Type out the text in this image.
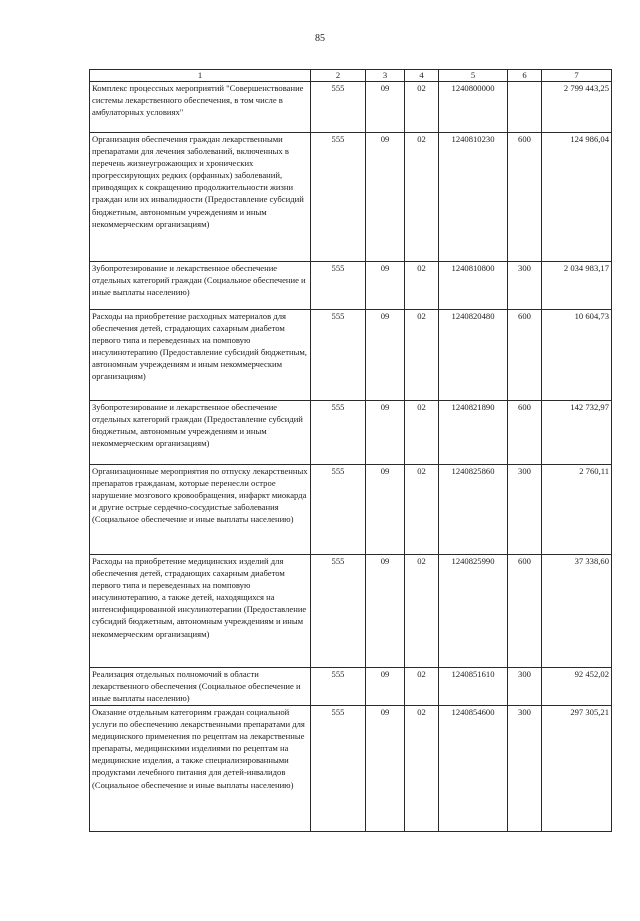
85
1	2	3	4	5	6	7
Комплекс процессных мероприятий "Совершенствование системы лекарственного обеспечения, в том числе в амбулаторных условиях"	555	09	02	1240800000		2 799 443,25
Организация обеспечения граждан лекарственными препаратами для лечения заболеваний, включенных в перечень жизнеугрожающих и хронических прогрессирующих редких (орфанных) заболеваний, приводящих к сокращению продолжительности жизни граждан или их инвалидности (Предоставление субсидий бюджетным, автономным учреждениям и иным некоммерческим организациям)	555	09	02	1240810230	600	124 986,04
Зубопротезирование и лекарственное обеспечение отдельных категорий граждан (Социальное обеспечение и иные выплаты населению)	555	09	02	1240810800	300	2 034 983,17
Расходы на приобретение расходных материалов для обеспечения детей, страдающих сахарным диабетом первого типа и переведенных на помповую инсулинотерапию (Предоставление субсидий бюджетным, автономным учреждениям и иным некоммерческим организациям)	555	09	02	1240820480	600	10 604,73
Зубопротезирование и лекарственное обеспечение отдельных категорий граждан (Предоставление субсидий бюджетным, автономным учреждениям и иным некоммерческим организациям)	555	09	02	1240821890	600	142 732,97
Организационные мероприятия по отпуску лекарственных препаратов гражданам, которые перенесли острое нарушение мозгового кровообращения, инфаркт миокарда и другие острые сердечно-сосудистые заболевания (Социальное обеспечение и иные выплаты населению)	555	09	02	1240825860	300	2 760,11
Расходы на приобретение медицинских изделий для обеспечения детей, страдающих сахарным диабетом первого типа и переведенных на помповую инсулинотерапию, а также детей, находящихся на интенсифицированной инсулинотерапии (Предоставление субсидий бюджетным, автономным учреждениям и иным некоммерческим организациям)	555	09	02	1240825990	600	37 338,60
Реализация отдельных полномочий в области лекарственного обеспечения (Социальное обеспечение и иные выплаты населению)	555	09	02	1240851610	300	92 452,02
Оказание отдельным категориям граждан социальной услуги по обеспечению лекарственными препаратами для медицинского применения по рецептам на лекарственные препараты, медицинскими изделиями по рецептам на медицинские изделия, а также специализированными продуктами лечебного питания для детей-инвалидов (Социальное обеспечение и иные выплаты населению)	555	09	02	1240854600	300	297 305,21
